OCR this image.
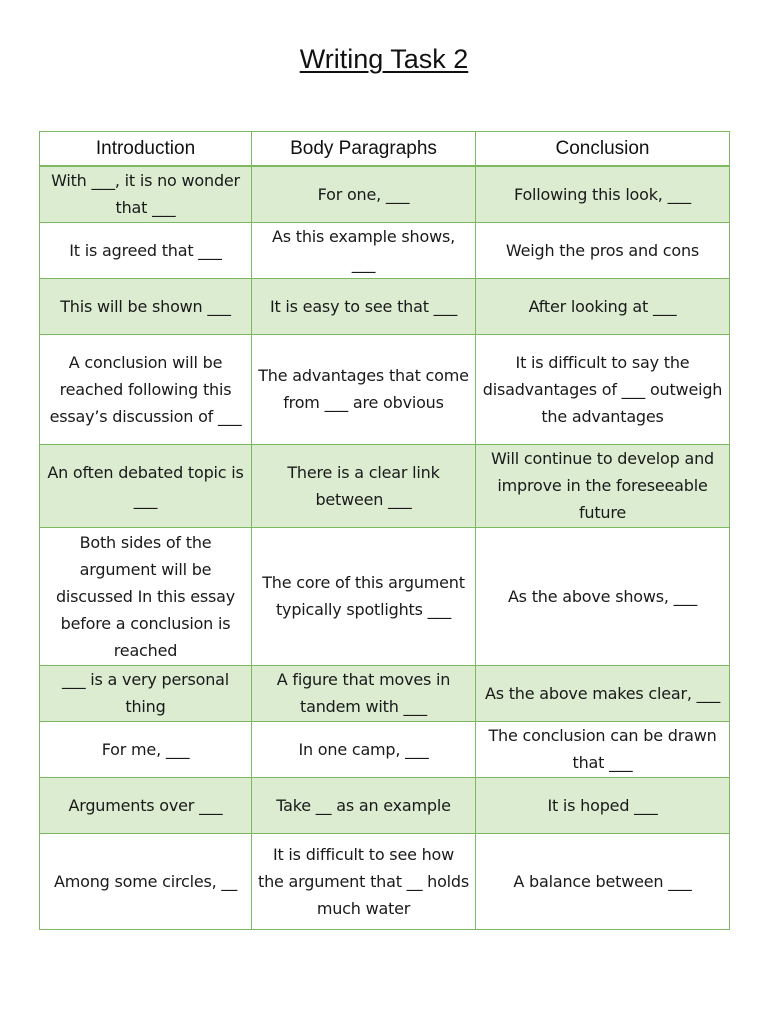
Writing Task 2
Introduction	Body Paragraphs	Conclusion
With ___, it is no wonder that ___	For one, ___	Following this look, ___
It is agreed that ___	As this example shows, ___	Weigh the pros and cons
This will be shown ___	It is easy to see that ___	After looking at ___
A conclusion will be reached following this essay’s discussion of ___	The advantages that come from ___ are obvious	It is difficult to say the disadvantages of ___ outweigh the advantages
An often debated topic is ___	There is a clear link between ___	Will continue to develop and improve in the foreseeable future
Both sides of the argument will be discussed In this essay before a conclusion is reached	The core of this argument typically spotlights ___	As the above shows, ___
___ is a very personal thing	A figure that moves in tandem with ___	As the above makes clear, ___
For me, ___	In one camp, ___	The conclusion can be drawn that ___
Arguments over ___	Take __ as an example	It is hoped ___
Among some circles, __	It is difficult to see how the argument that __ holds much water	A balance between ___
